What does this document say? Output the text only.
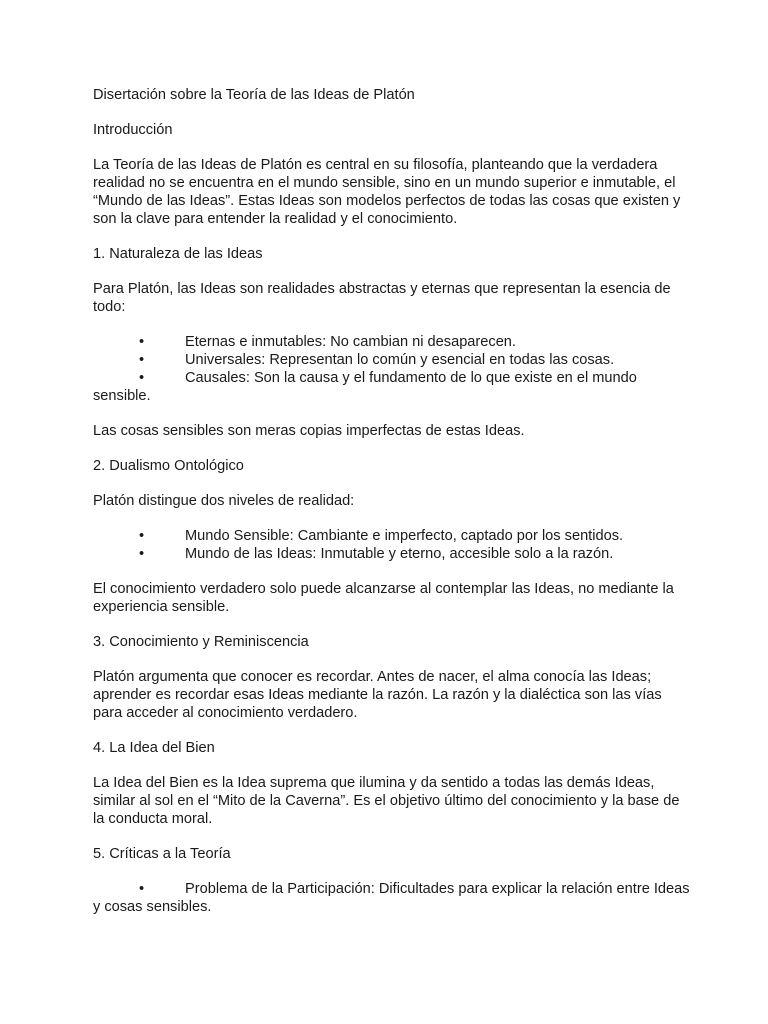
Disertación sobre la Teoría de las Ideas de Platón

Introducción

La Teoría de las Ideas de Platón es central en su filosofía, planteando que la verdadera realidad no se encuentra en el mundo sensible, sino en un mundo superior e inmutable, el “Mundo de las Ideas”. Estas Ideas son modelos perfectos de todas las cosas que existen y son la clave para entender la realidad y el conocimiento.

1. Naturaleza de las Ideas

Para Platón, las Ideas son realidades abstractas y eternas que representan la esencia de todo:

•	Eternas e inmutables: No cambian ni desaparecen.
•	Universales: Representan lo común y esencial en todas las cosas.
•	Causales: Son la causa y el fundamento de lo que existe en el mundo sensible.

Las cosas sensibles son meras copias imperfectas de estas Ideas.

2. Dualismo Ontológico

Platón distingue dos niveles de realidad:

•	Mundo Sensible: Cambiante e imperfecto, captado por los sentidos.
•	Mundo de las Ideas: Inmutable y eterno, accesible solo a la razón.

El conocimiento verdadero solo puede alcanzarse al contemplar las Ideas, no mediante la experiencia sensible.

3. Conocimiento y Reminiscencia

Platón argumenta que conocer es recordar. Antes de nacer, el alma conocía las Ideas; aprender es recordar esas Ideas mediante la razón. La razón y la dialéctica son las vías para acceder al conocimiento verdadero.

4. La Idea del Bien

La Idea del Bien es la Idea suprema que ilumina y da sentido a todas las demás Ideas, similar al sol en el “Mito de la Caverna”. Es el objetivo último del conocimiento y la base de la conducta moral.

5. Críticas a la Teoría

•	Problema de la Participación: Dificultades para explicar la relación entre Ideas y cosas sensibles.
